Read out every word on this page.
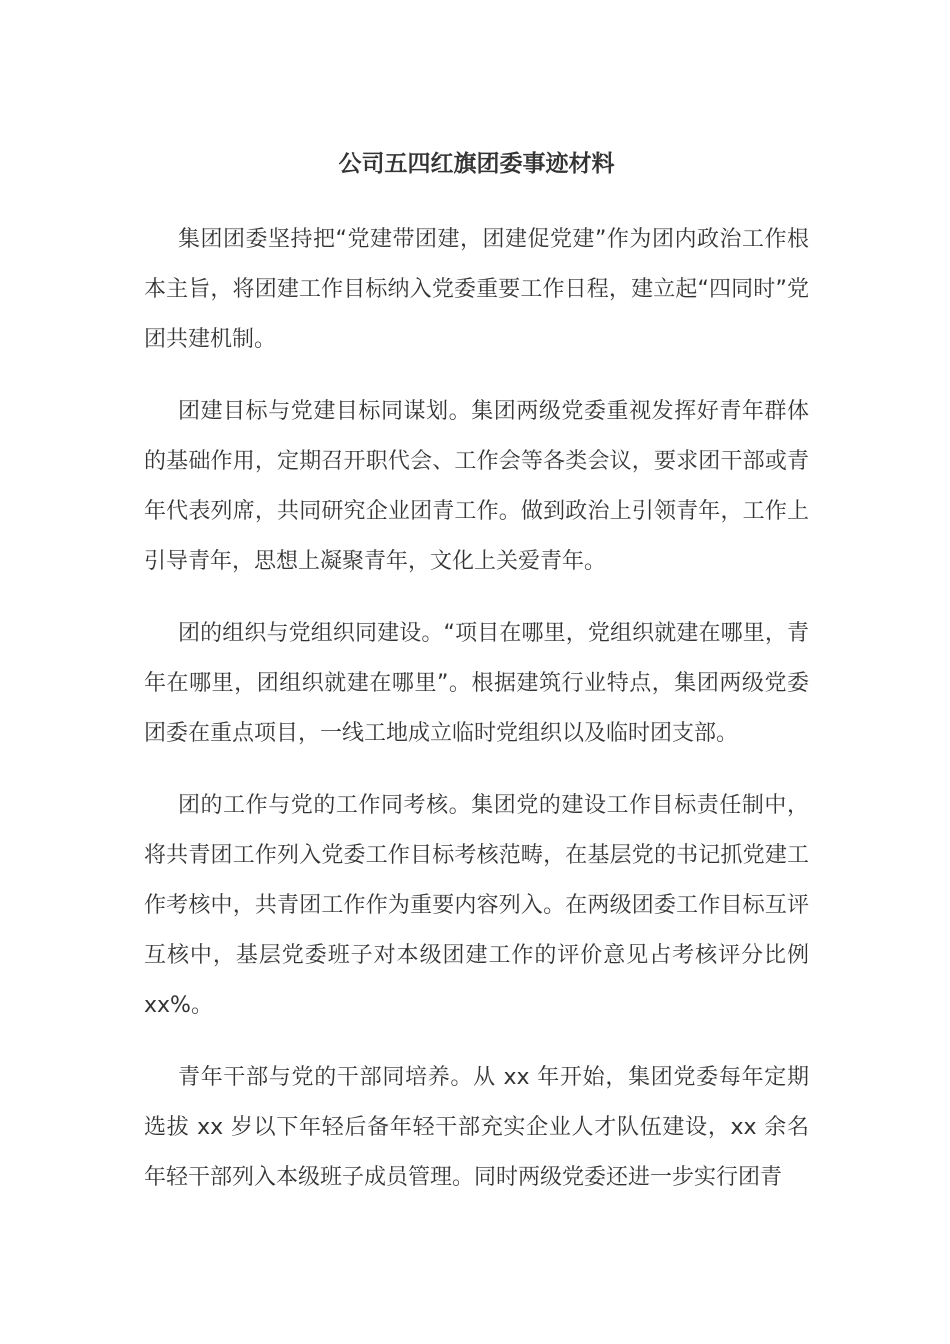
公司五四红旗团委事迹材料

集团团委坚持把“党建带团建，团建促党建”作为团内政治工作根本主旨，将团建工作目标纳入党委重要工作日程，建立起“四同时”党团共建机制。

团建目标与党建目标同谋划。集团两级党委重视发挥好青年群体的基础作用，定期召开职代会、工作会等各类会议，要求团干部或青年代表列席，共同研究企业团青工作。做到政治上引领青年，工作上引导青年，思想上凝聚青年，文化上关爱青年。

团的组织与党组织同建设。“项目在哪里，党组织就建在哪里，青年在哪里，团组织就建在哪里”。根据建筑行业特点，集团两级党委团委在重点项目，一线工地成立临时党组织以及临时团支部。

团的工作与党的工作同考核。集团党的建设工作目标责任制中，将共青团工作列入党委工作目标考核范畴，在基层党的书记抓党建工作考核中，共青团工作作为重要内容列入。在两级团委工作目标互评互核中，基层党委班子对本级团建工作的评价意见占考核评分比例 xx%。

青年干部与党的干部同培养。从 xx 年开始，集团党委每年定期选拔 xx 岁以下年轻后备年轻干部充实企业人才队伍建设，xx 余名年轻干部列入本级班子成员管理。同时两级党委还进一步实行团青
